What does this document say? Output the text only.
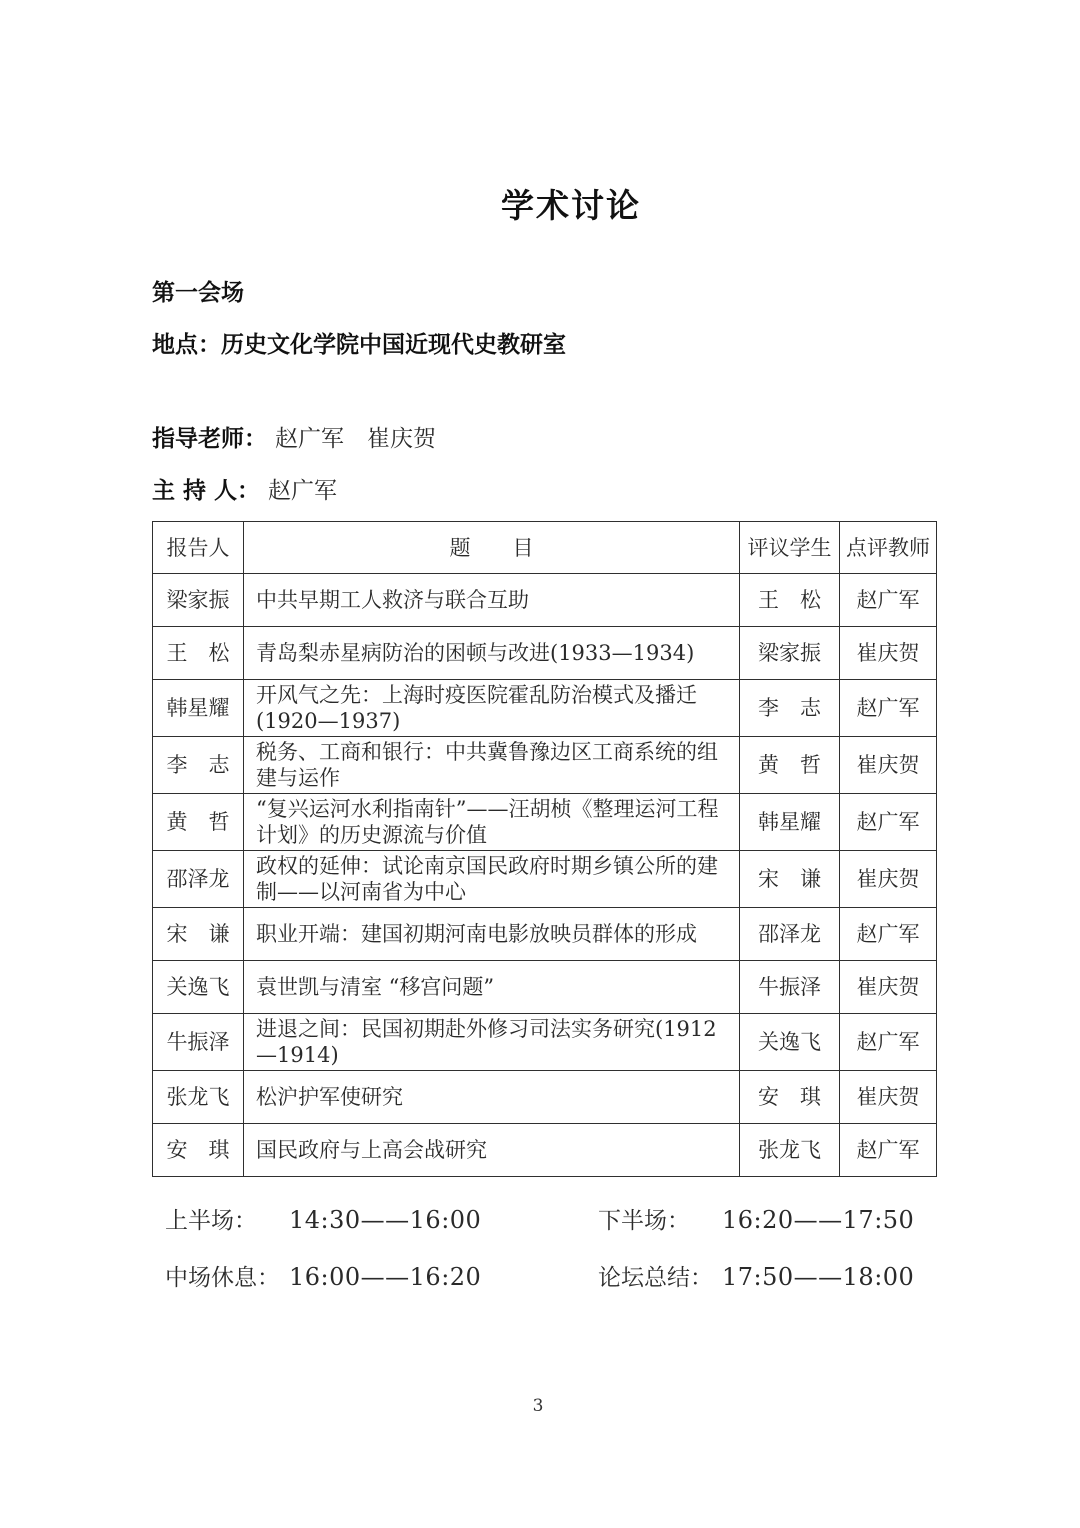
学术讨论
第一会场
地点：历史文化学院中国近现代史教研室
指导老师： 赵广军　崔庆贺
主 持 人： 赵广军
报告人	题　　目	评议学生	点评教师
梁家振	中共早期工人救济与联合互助	王　松	赵广军
王　松	青岛梨赤星病防治的困顿与改进(1933—1934)	梁家振	崔庆贺
韩星耀	开风气之先：上海时疫医院霍乱防治模式及播迁(1920—1937)	李　志	赵广军
李　志	税务、工商和银行：中共冀鲁豫边区工商系统的组建与运作	黄　哲	崔庆贺
黄　哲	“复兴运河水利指南针”——汪胡桢《整理运河工程计划》的历史源流与价值	韩星耀	赵广军
邵泽龙	政权的延伸：试论南京国民政府时期乡镇公所的建制——以河南省为中心	宋　谦	崔庆贺
宋　谦	职业开端：建国初期河南电影放映员群体的形成	邵泽龙	赵广军
关逸飞	袁世凯与清室 “移宫问题”	牛振泽	崔庆贺
牛振泽	进退之间：民国初期赴外修习司法实务研究(1912—1914)	关逸飞	赵广军
张龙飞	松沪护军使研究	安　琪	崔庆贺
安　琪	国民政府与上高会战研究	张龙飞	赵广军
上半场： 14:30——16:00	下半场： 16:20——17:50
中场休息： 16:00——16:20	论坛总结： 17:50——18:00
3
